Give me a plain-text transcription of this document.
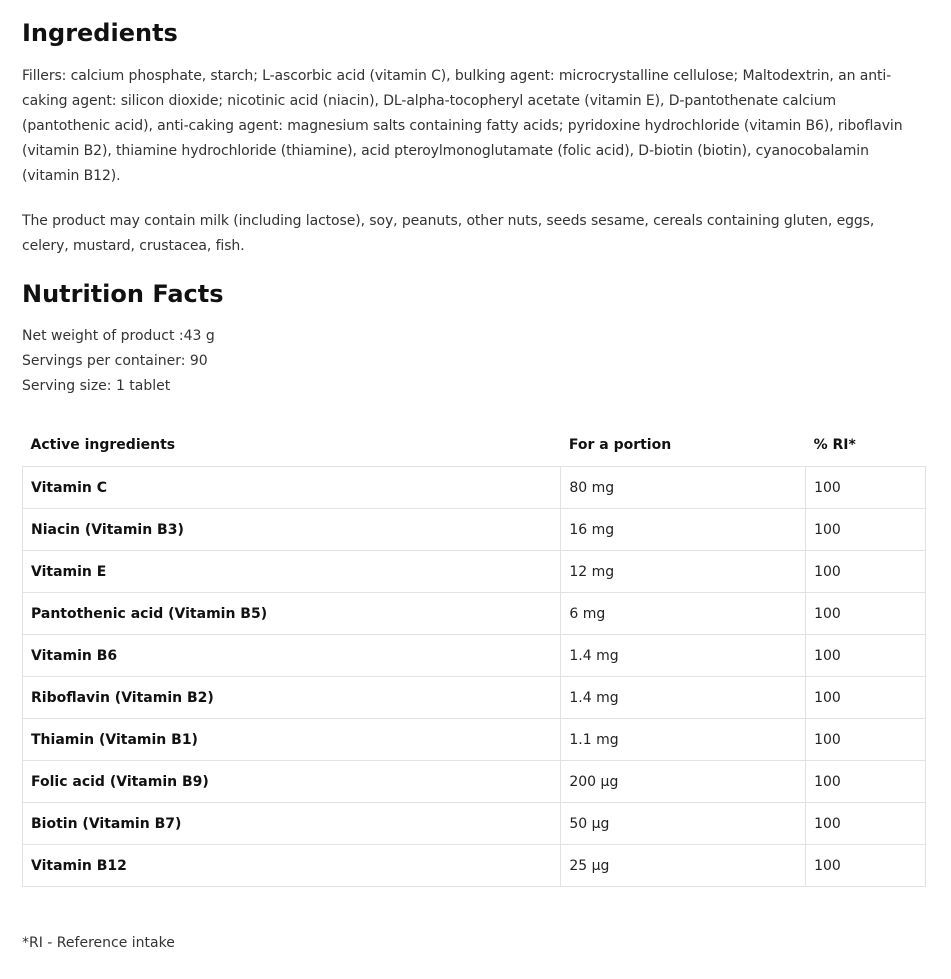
Ingredients

Fillers: calcium phosphate, starch; L-ascorbic acid (vitamin C), bulking agent: microcrystalline cellulose; Maltodextrin, an anti-caking agent: silicon dioxide; nicotinic acid (niacin), DL-alpha-tocopheryl acetate (vitamin E), D-pantothenate calcium (pantothenic acid), anti-caking agent: magnesium salts containing fatty acids; pyridoxine hydrochloride (vitamin B6), riboflavin (vitamin B2), thiamine hydrochloride (thiamine), acid pteroylmonoglutamate (folic acid), D-biotin (biotin), cyanocobalamin (vitamin B12).

The product may contain milk (including lactose), soy, peanuts, other nuts, seeds sesame, cereals containing gluten, eggs, celery, mustard, crustacea, fish.

Nutrition Facts
Net weight of product :43 g
Servings per container: 90
Serving size: 1 tablet
Active ingredients	For a portion	% RI*
Vitamin C	80 mg	100
Niacin (Vitamin B3)	16 mg	100
Vitamin E	12 mg	100
Pantothenic acid (Vitamin B5)	6 mg	100
Vitamin B6	1.4 mg	100
Riboflavin (Vitamin B2)	1.4 mg	100
Thiamin (Vitamin B1)	1.1 mg	100
Folic acid (Vitamin B9)	200 µg	100
Biotin (Vitamin B7)	50 µg	100
Vitamin B12	25 µg	100
*RI - Reference intake
